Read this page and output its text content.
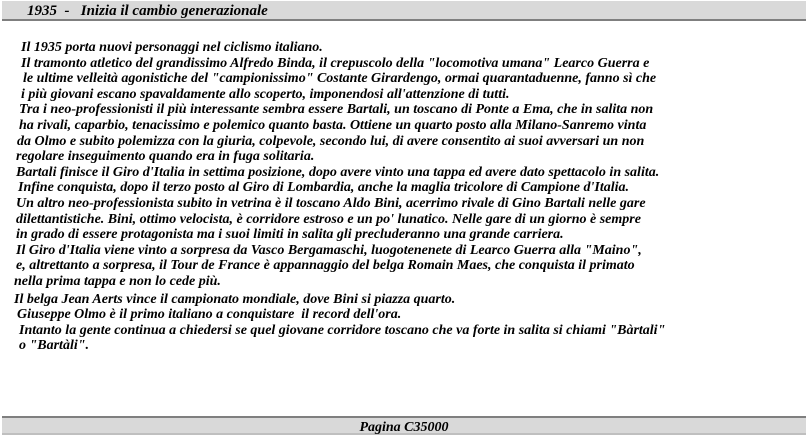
1935  -   Inizia il cambio generazionale
Il 1935 porta nuovi personaggi nel ciclismo italiano.
Il tramonto atletico del grandissimo Alfredo Binda, il crepuscolo della "locomotiva umana" Learco Guerra e
le ultime velleità agonistiche del "campionissimo" Costante Girardengo, ormai quarantaduenne, fanno sì che
i più giovani escano spavaldamente allo scoperto, imponendosi all'attenzione di tutti.
Tra i neo-professionisti il più interessante sembra essere Bartali, un toscano di Ponte a Ema, che in salita non
ha rivali, caparbio, tenacissimo e polemico quanto basta. Ottiene un quarto posto alla Milano-Sanremo vinta
da Olmo e subito polemizza con la giuria, colpevole, secondo lui, di avere consentito ai suoi avversari un non
regolare inseguimento quando era in fuga solitaria.
Bartali finisce il Giro d'Italia in settima posizione, dopo avere vinto una tappa ed avere dato spettacolo in salita.
Infine conquista, dopo il terzo posto al Giro di Lombardia, anche la maglia tricolore di Campione d'Italia.
Un altro neo-professionista subito in vetrina è il toscano Aldo Bini, acerrimo rivale di Gino Bartali nelle gare
dilettantistiche. Bini, ottimo velocista, è corridore estroso e un po' lunatico. Nelle gare di un giorno è sempre
in grado di essere protagonista ma i suoi limiti in salita gli precluderanno una grande carriera.
Il Giro d'Italia viene vinto a sorpresa da Vasco Bergamaschi, luogotenenete di Learco Guerra alla "Maino",
e, altrettanto a sorpresa, il Tour de France è appannaggio del belga Romain Maes, che conquista il primato
nella prima tappa e non lo cede più.
Il belga Jean Aerts vince il campionato mondiale, dove Bini si piazza quarto.
Giuseppe Olmo è il primo italiano a conquistare  il record dell'ora.
Intanto la gente continua a chiedersi se quel giovane corridore toscano che va forte in salita si chiami "Bàrtali"
o "Bartàli".
Pagina C35000
